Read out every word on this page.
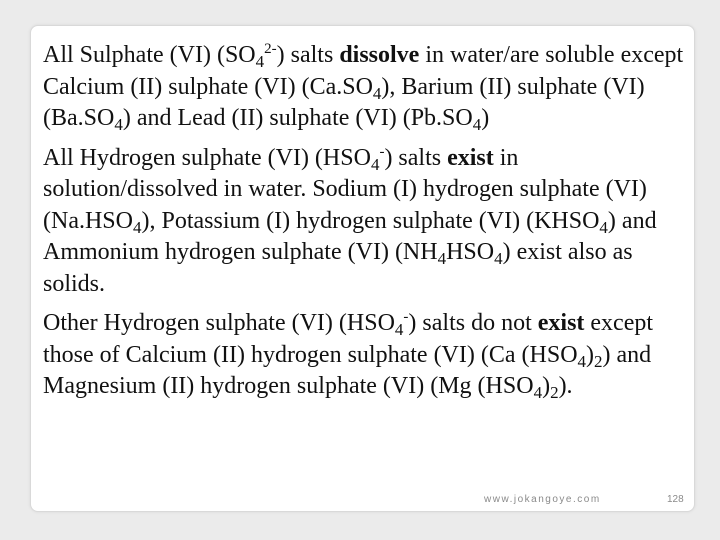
All Sulphate (VI) $(SO_4^{2-})$ salts dissolve in water/are soluble except Calcium (II) sulphate (VI) $(Ca.SO_4)$, Barium (II) sulphate (VI) $(Ba.SO_4)$ and Lead (II) sulphate (VI) $(Pb.SO_4)$

All Hydrogen sulphate (VI) $(HSO_4^-)$ salts exist in solution/dissolved in water. Sodium (I) hydrogen sulphate (VI) $(Na.HSO_4)$, Potassium (I) hydrogen sulphate (VI) $(KHSO_4)$ and Ammonium hydrogen sulphate (VI) $(NH_4HSO_4)$ exist also as solids.

Other Hydrogen sulphate (VI) $(HSO_4^-)$ salts do not exist except those of Calcium (II) hydrogen sulphate (VI) (Ca $(HSO_4)_2$) and Magnesium (II) hydrogen sulphate (VI) (Mg $(HSO_4)_2$).

www.jokangoye.com	128
